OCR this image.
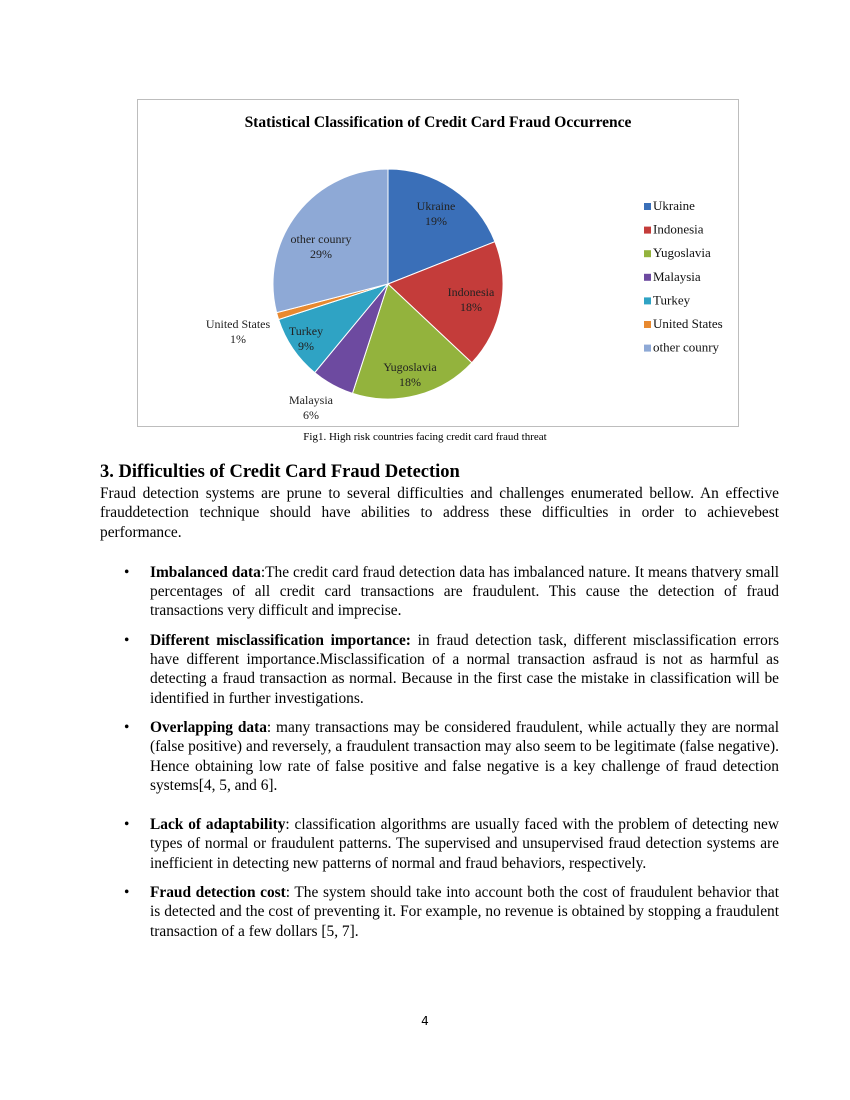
Statistical Classification of Credit Card Fraud Occurrence
Ukraine
19%
Indonesia
18%
Yugoslavia
18%
Malaysia
6%
Turkey
9%
United States
1%
other counry
29%
Ukraine
Indonesia
Yugoslavia
Malaysia
Turkey
United States
other counry
Fig1. High risk countries facing credit card fraud threat
3. Difficulties of Credit Card Fraud Detection

Fraud detection systems are prune to several difficulties and challenges enumerated bellow. An effective frauddetection technique should have abilities to address these difficulties in order to achievebest performance.

• Imbalanced data:The credit card fraud detection data has imbalanced nature. It means thatvery small percentages of all credit card transactions are fraudulent. This cause the detection of fraud transactions very difficult and imprecise.
• Different misclassification importance: in fraud detection task, different misclassification errors have different importance.Misclassification of a normal transaction asfraud is not as harmful as detecting a fraud transaction as normal. Because in the first case the mistake in classification will be identified in further investigations.
• Overlapping data: many transactions may be considered fraudulent, while actually they are normal (false positive) and reversely, a fraudulent transaction may also seem to be legitimate (false negative). Hence obtaining low rate of false positive and false negative is a key challenge of fraud detection systems[4, 5, and 6].
• Lack of adaptability: classification algorithms are usually faced with the problem of detecting new types of normal or fraudulent patterns. The supervised and unsupervised fraud detection systems are inefficient in detecting new patterns of normal and fraud behaviors, respectively.
• Fraud detection cost: The system should take into account both the cost of fraudulent behavior that is detected and the cost of preventing it. For example, no revenue is obtained by stopping a fraudulent transaction of a few dollars [5, 7].
4
